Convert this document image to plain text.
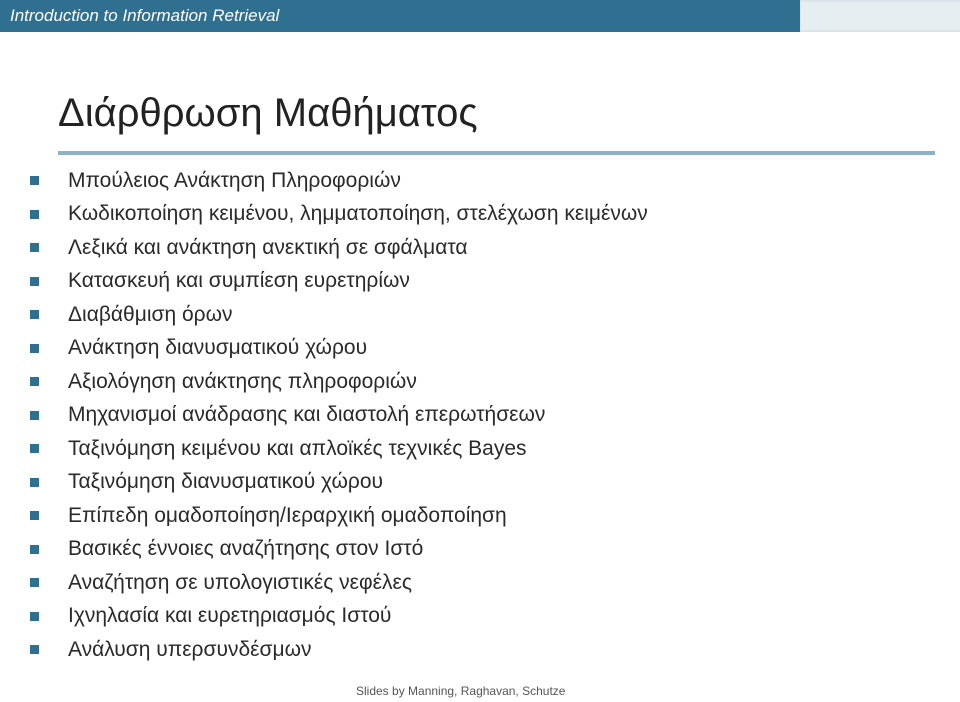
Introduction to Information Retrieval
Διάρθρωση Μαθήματος
Μπούλειος Ανάκτηση Πληροφοριών
Κωδικοποίηση κειμένου, λημματοποίηση, στελέχωση κειμένων
Λεξικά και ανάκτηση ανεκτική σε σφάλματα
Κατασκευή και συμπίεση ευρετηρίων
Διαβάθμιση όρων
Ανάκτηση διανυσματικού χώρου
Αξιολόγηση ανάκτησης πληροφοριών
Μηχανισμοί ανάδρασης και διαστολή επερωτήσεων
Ταξινόμηση κειμένου και απλοϊκές τεχνικές Bayes
Ταξινόμηση διανυσματικού χώρου
Επίπεδη ομαδοποίηση/Ιεραρχική ομαδοποίηση
Βασικές έννοιες αναζήτησης στον Ιστό
Αναζήτηση σε υπολογιστικές νεφέλες
Ιχνηλασία και ευρετηριασμός Ιστού
Ανάλυση υπερσυνδέσμων
Slides by Manning, Raghavan, Schutze
